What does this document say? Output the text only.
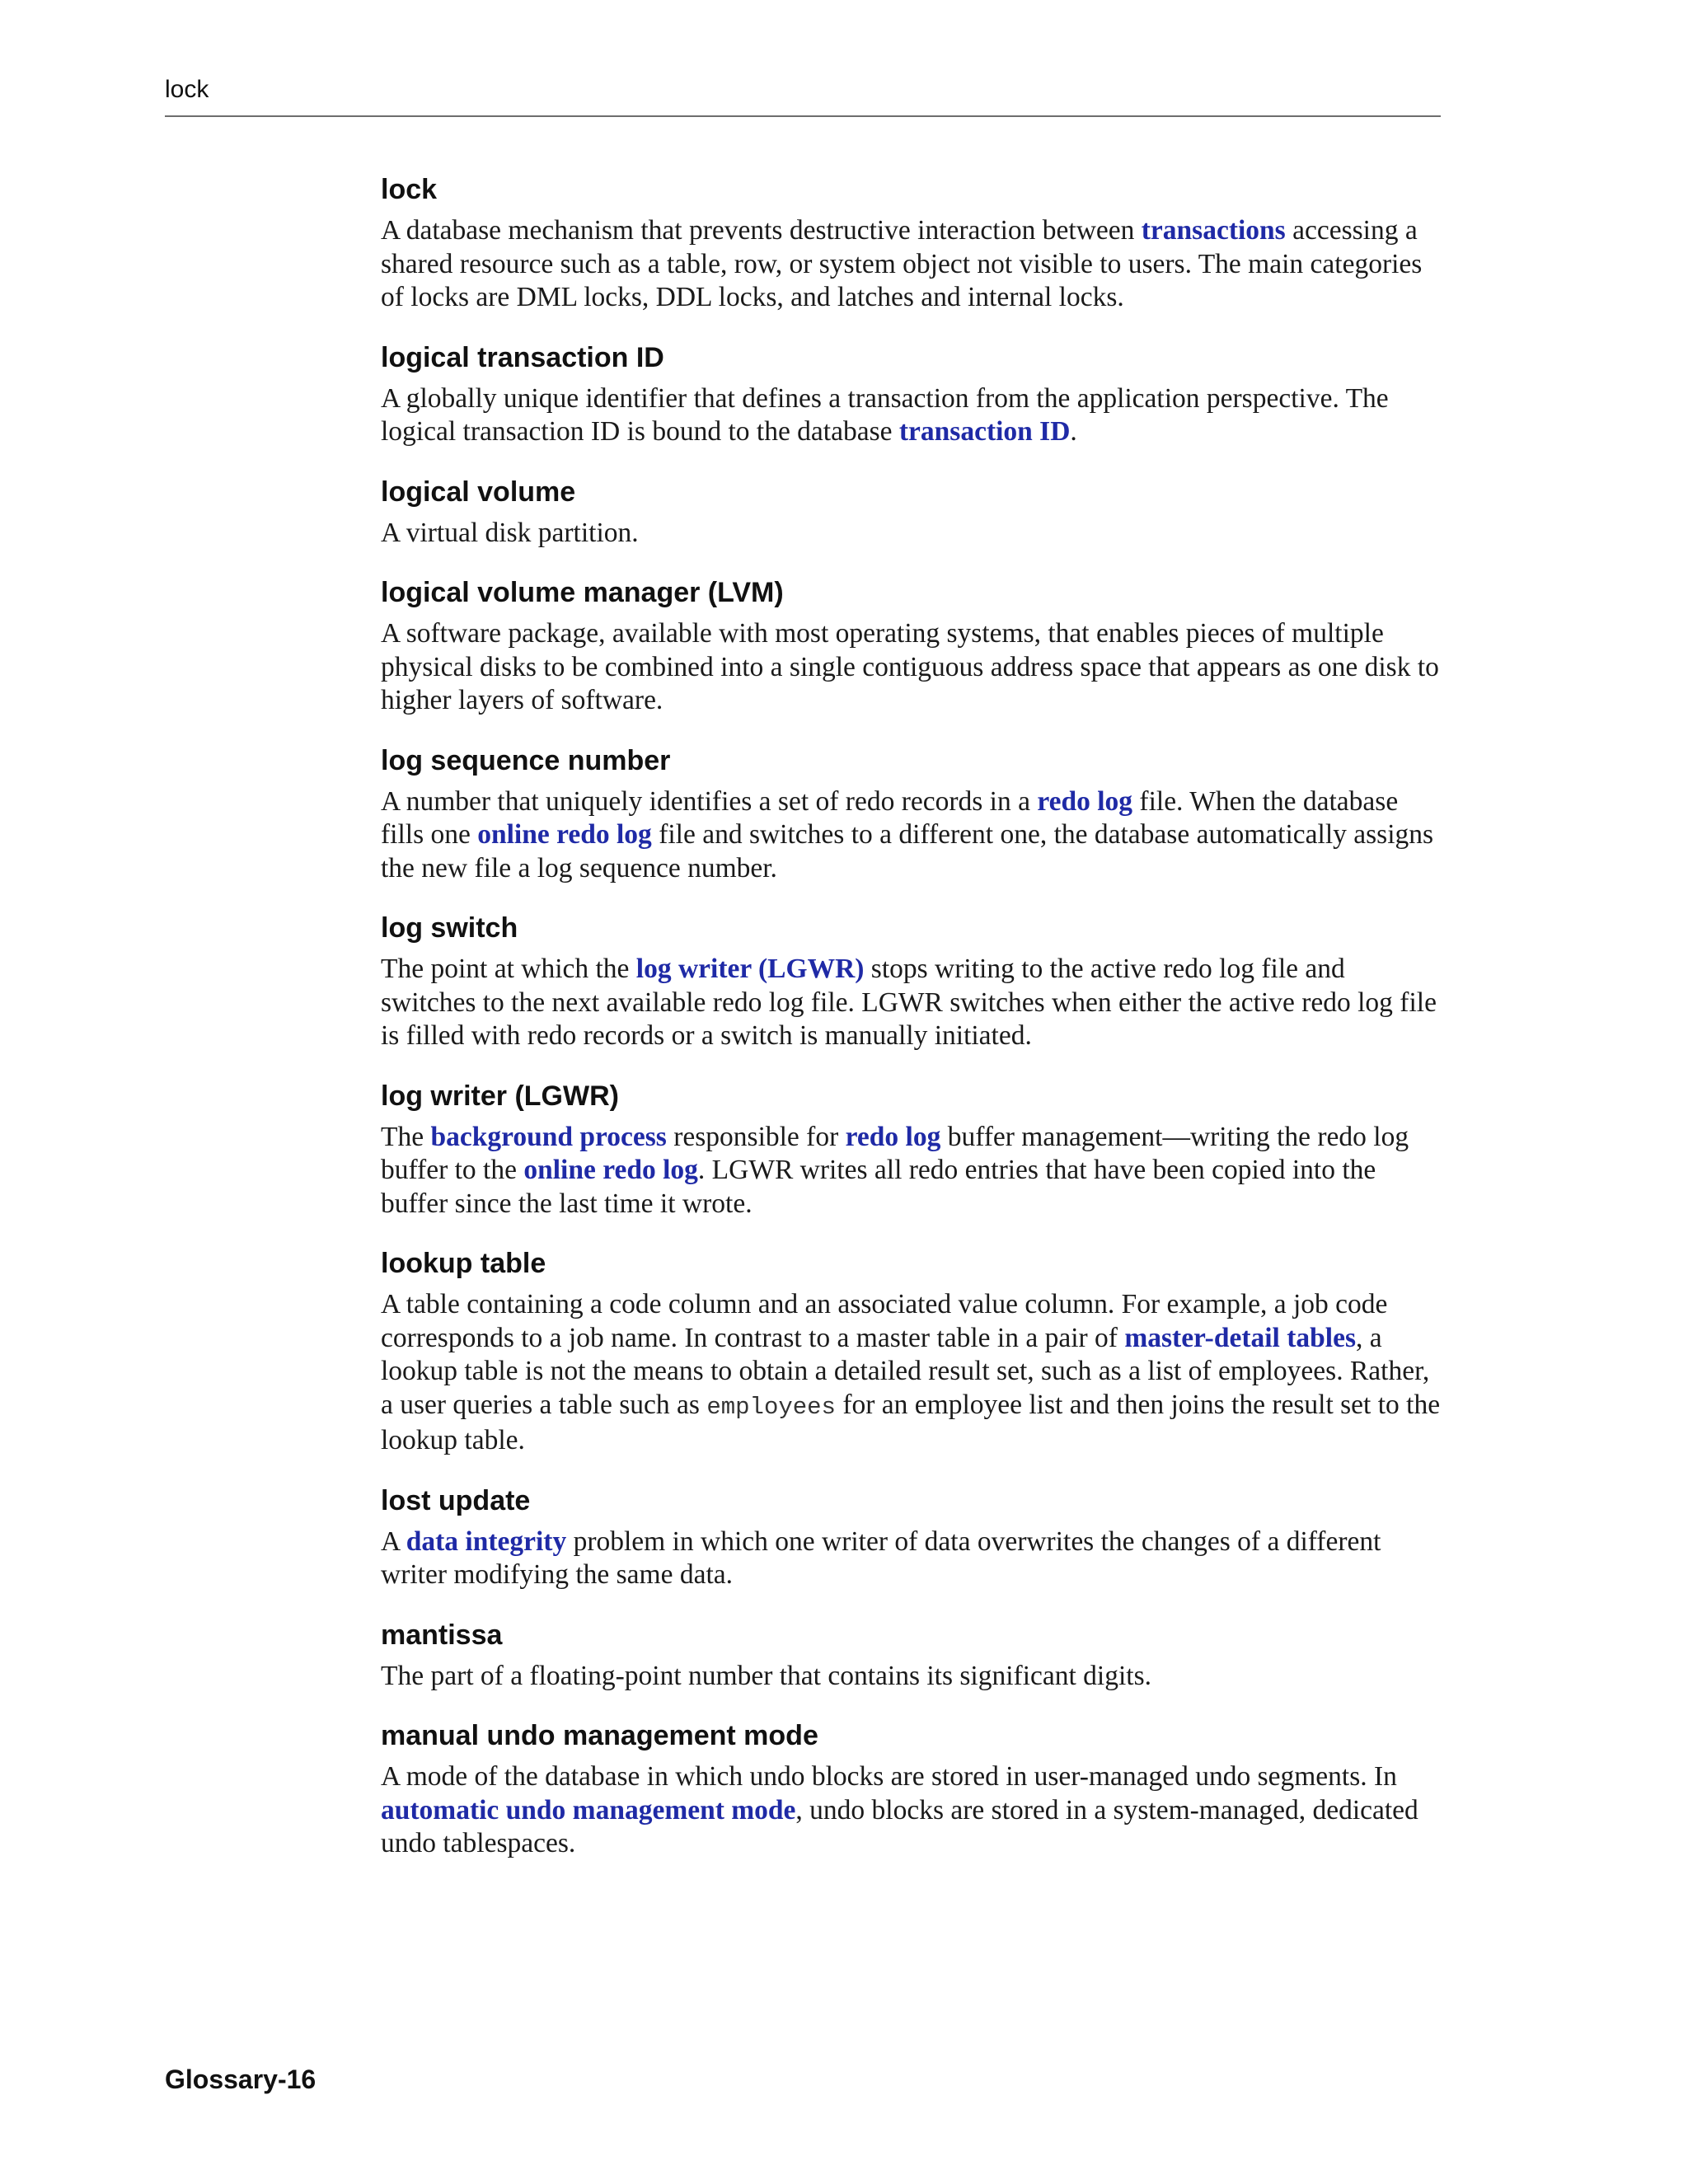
lock
lock
A database mechanism that prevents destructive interaction between transactions accessing a shared resource such as a table, row, or system object not visible to users. The main categories of locks are DML locks, DDL locks, and latches and internal locks.
logical transaction ID
A globally unique identifier that defines a transaction from the application perspective. The logical transaction ID is bound to the database transaction ID.
logical volume
A virtual disk partition.
logical volume manager (LVM)
A software package, available with most operating systems, that enables pieces of multiple physical disks to be combined into a single contiguous address space that appears as one disk to higher layers of software.
log sequence number
A number that uniquely identifies a set of redo records in a redo log file. When the database fills one online redo log file and switches to a different one, the database automatically assigns the new file a log sequence number.
log switch
The point at which the log writer (LGWR) stops writing to the active redo log file and switches to the next available redo log file. LGWR switches when either the active redo log file is filled with redo records or a switch is manually initiated.
log writer (LGWR)
The background process responsible for redo log buffer management—writing the redo log buffer to the online redo log. LGWR writes all redo entries that have been copied into the buffer since the last time it wrote.
lookup table
A table containing a code column and an associated value column. For example, a job code corresponds to a job name. In contrast to a master table in a pair of master-detail tables, a lookup table is not the means to obtain a detailed result set, such as a list of employees. Rather, a user queries a table such as employees for an employee list and then joins the result set to the lookup table.
lost update
A data integrity problem in which one writer of data overwrites the changes of a different writer modifying the same data.
mantissa
The part of a floating-point number that contains its significant digits.
manual undo management mode
A mode of the database in which undo blocks are stored in user-managed undo segments. In automatic undo management mode, undo blocks are stored in a system-managed, dedicated undo tablespaces.
Glossary-16
